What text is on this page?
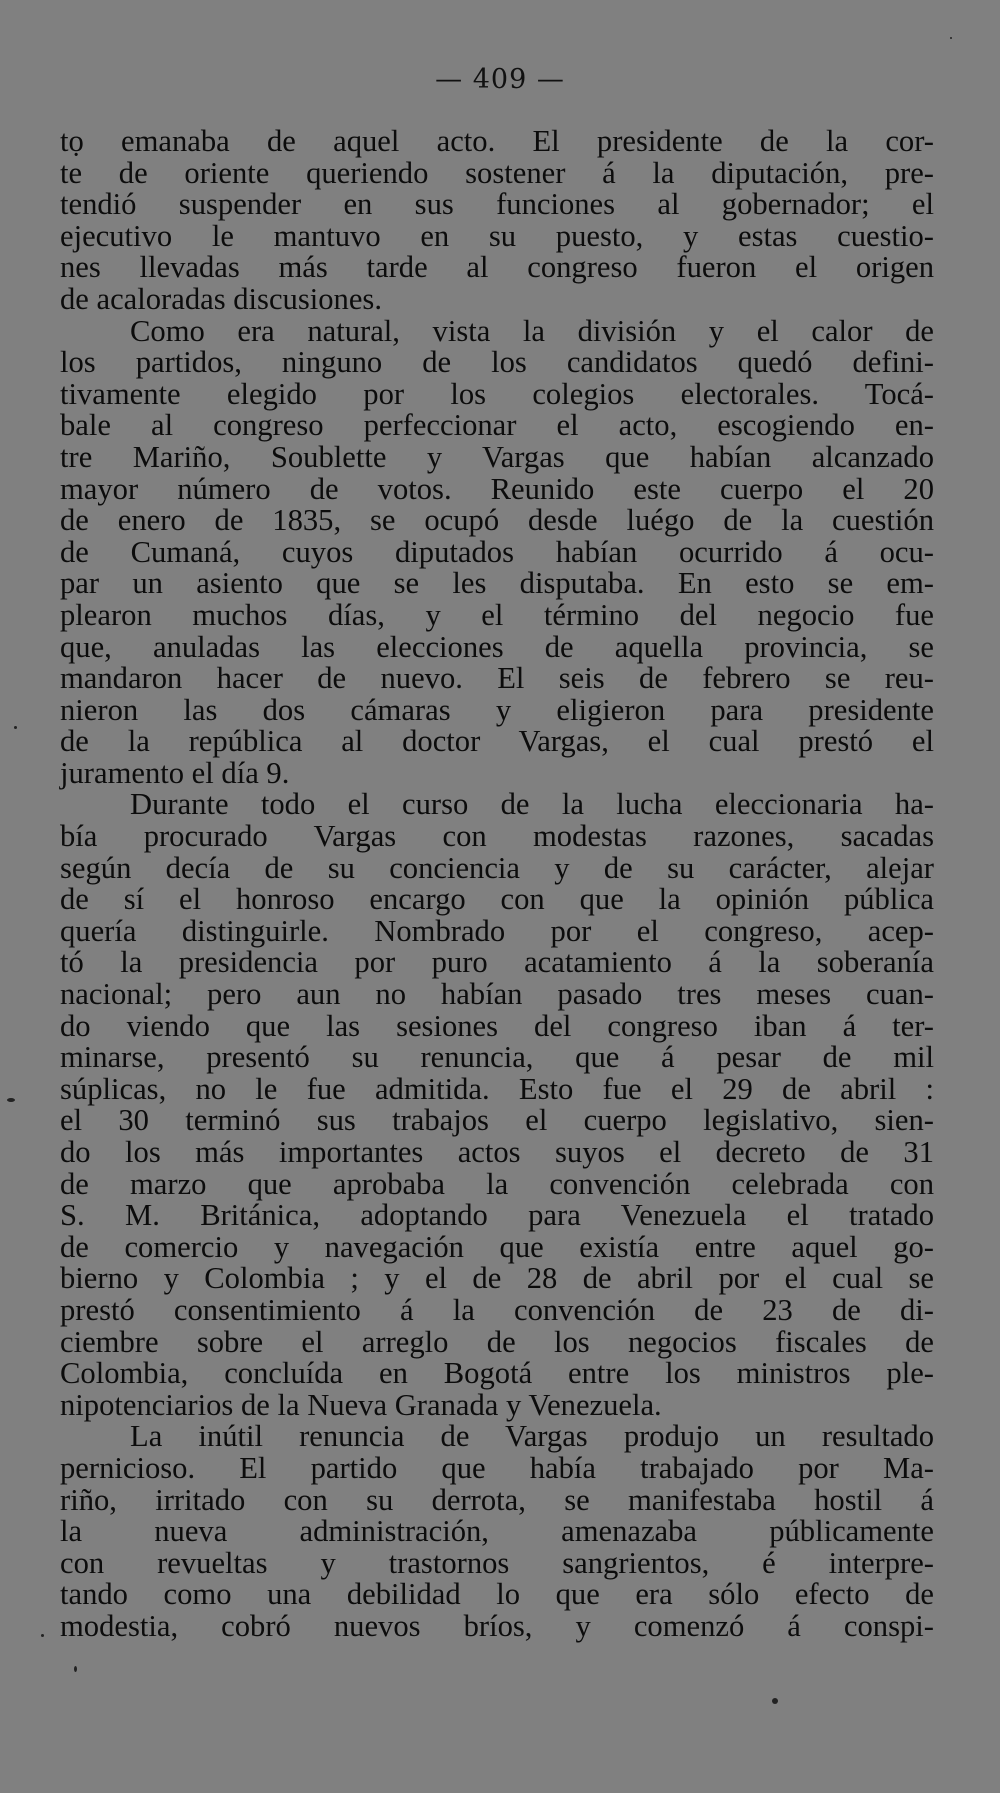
— 409 —
tọ emanaba de aquel acto. El presidente de la cor-
te de oriente queriendo sostener á la diputación, pre-
tendió suspender en sus funciones al gobernador; el
ejecutivo le mantuvo en su puesto, y estas cuestio-
nes llevadas más tarde al congreso fueron el origen
de acaloradas discusiones.
Como era natural, vista la división y el calor de
los partidos, ninguno de los candidatos quedó defini-
tivamente elegido por los colegios electorales. Tocá-
bale al congreso perfeccionar el acto, escogiendo en-
tre Mariño, Soublette y Vargas que habían alcanzado
mayor número de votos. Reunido este cuerpo el 20
de enero de 1835, se ocupó desde luégo de la cuestión
de Cumaná, cuyos diputados habían ocurrido á ocu-
par un asiento que se les disputaba. En esto se em-
plearon muchos días, y el término del negocio fue
que, anuladas las elecciones de aquella provincia, se
mandaron hacer de nuevo. El seis de febrero se reu-
nieron las dos cámaras y eligieron para presidente
de la república al doctor Vargas, el cual prestó el
juramento el día 9.
Durante todo el curso de la lucha eleccionaria ha-
bía procurado Vargas con modestas razones, sacadas
según decía de su conciencia y de su carácter, alejar
de sí el honroso encargo con que la opinión pública
quería distinguirle. Nombrado por el congreso, acep-
tó la presidencia por puro acatamiento á la soberanía
nacional; pero aun no habían pasado tres meses cuan-
do viendo que las sesiones del congreso iban á ter-
minarse, presentó su renuncia, que á pesar de mil
súplicas, no le fue admitida. Esto fue el 29 de abril :
el 30 terminó sus trabajos el cuerpo legislativo, sien-
do los más importantes actos suyos el decreto de 31
de marzo que aprobaba la convención celebrada con
S. M. Británica, adoptando para Venezuela el tratado
de comercio y navegación que existía entre aquel go-
bierno y Colombia ; y el de 28 de abril por el cual se
prestó consentimiento á la convención de 23 de di-
ciembre sobre el arreglo de los negocios fiscales de
Colombia, concluída en Bogotá entre los ministros ple-
nipotenciarios de la Nueva Granada y Venezuela.
La inútil renuncia de Vargas produjo un resultado
pernicioso. El partido que había trabajado por Ma-
riño, irritado con su derrota, se manifestaba hostil á
la nueva administración, amenazaba públicamente
con revueltas y trastornos sangrientos, é interpre-
tando como una debilidad lo que era sólo efecto de
modestia, cobró nuevos bríos, y comenzó á conspi-
